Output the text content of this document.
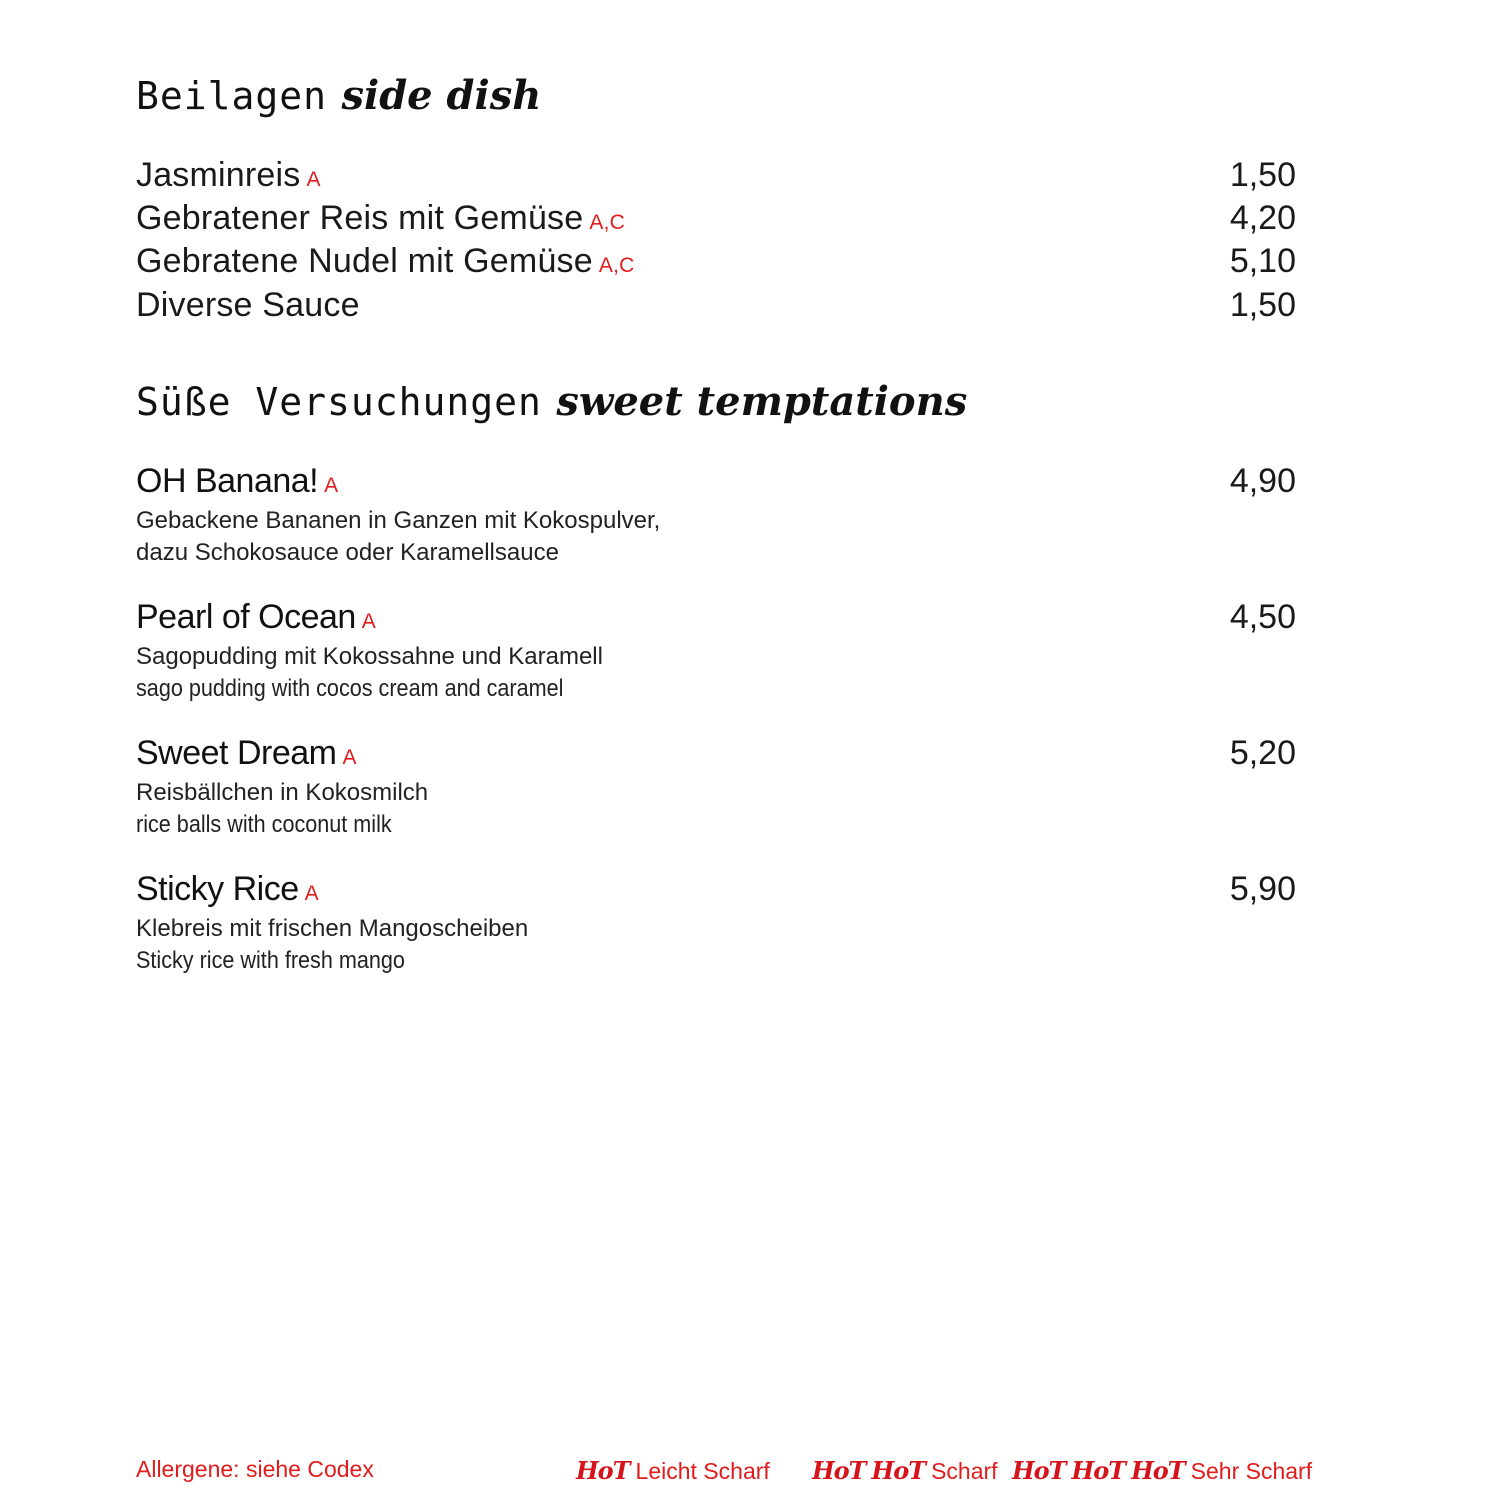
Beilagen side dish
Jasminreis A	1,50
Gebratener Reis mit Gemüse A,C	4,20
Gebratene Nudel mit Gemüse A,C	5,10
Diverse Sauce	1,50
Süße Versuchungen sweet temptations
OH Banana! A	4,90
Gebackene Bananen in Ganzen mit Kokospulver,
dazu Schokosauce oder Karamellsauce
Pearl of Ocean A	4,50
Sagopudding mit Kokossahne und Karamell
sago pudding with cocos cream and caramel
Sweet Dream A	5,20
Reisbällchen in Kokosmilch
rice balls with coconut milk
Sticky Rice A	5,90
Klebreis mit frischen Mangoscheiben
Sticky rice with fresh mango
Allergene: siehe Codex	HoT Leicht Scharf HoT HoT Scharf HoT HoT HoT Sehr Scharf
